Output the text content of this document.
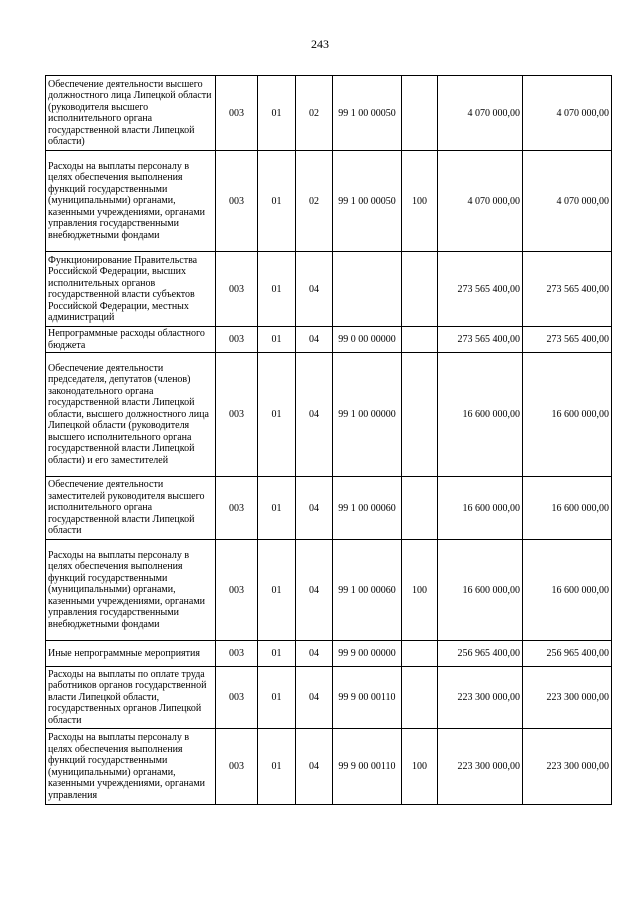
243
Обеспечение деятельности высшего должностного лица Липецкой области (руководителя высшего исполнительного органа государственной власти Липецкой области)	003	01	02	99 1 00 00050		4 070 000,00	4 070 000,00
Расходы на выплаты персоналу в целях обеспечения выполнения функций государственными (муниципальными) органами, казенными учреждениями, органами управления государственными внебюджетными фондами	003	01	02	99 1 00 00050	100	4 070 000,00	4 070 000,00
Функционирование Правительства Российской Федерации, высших исполнительных органов государственной власти субъектов Российской Федерации, местных администраций	003	01	04			273 565 400,00	273 565 400,00
Непрограммные расходы областного бюджета	003	01	04	99 0 00 00000		273 565 400,00	273 565 400,00
Обеспечение деятельности председателя, депутатов (членов) законодательного органа государственной власти Липецкой области, высшего должностного лица Липецкой области (руководителя высшего исполнительного органа государственной власти Липецкой области) и его заместителей	003	01	04	99 1 00 00000		16 600 000,00	16 600 000,00
Обеспечение деятельности заместителей руководителя высшего исполнительного органа государственной власти Липецкой области	003	01	04	99 1 00 00060		16 600 000,00	16 600 000,00
Расходы на выплаты персоналу в целях обеспечения выполнения функций государственными (муниципальными) органами, казенными учреждениями, органами управления государственными внебюджетными фондами	003	01	04	99 1 00 00060	100	16 600 000,00	16 600 000,00
Иные непрограммные мероприятия	003	01	04	99 9 00 00000		256 965 400,00	256 965 400,00
Расходы на выплаты по оплате труда работников органов государственной власти Липецкой области, государственных органов Липецкой области	003	01	04	99 9 00 00110		223 300 000,00	223 300 000,00
Расходы на выплаты персоналу в целях обеспечения выполнения функций государственными (муниципальными) органами, казенными учреждениями, органами управления	003	01	04	99 9 00 00110	100	223 300 000,00	223 300 000,00
